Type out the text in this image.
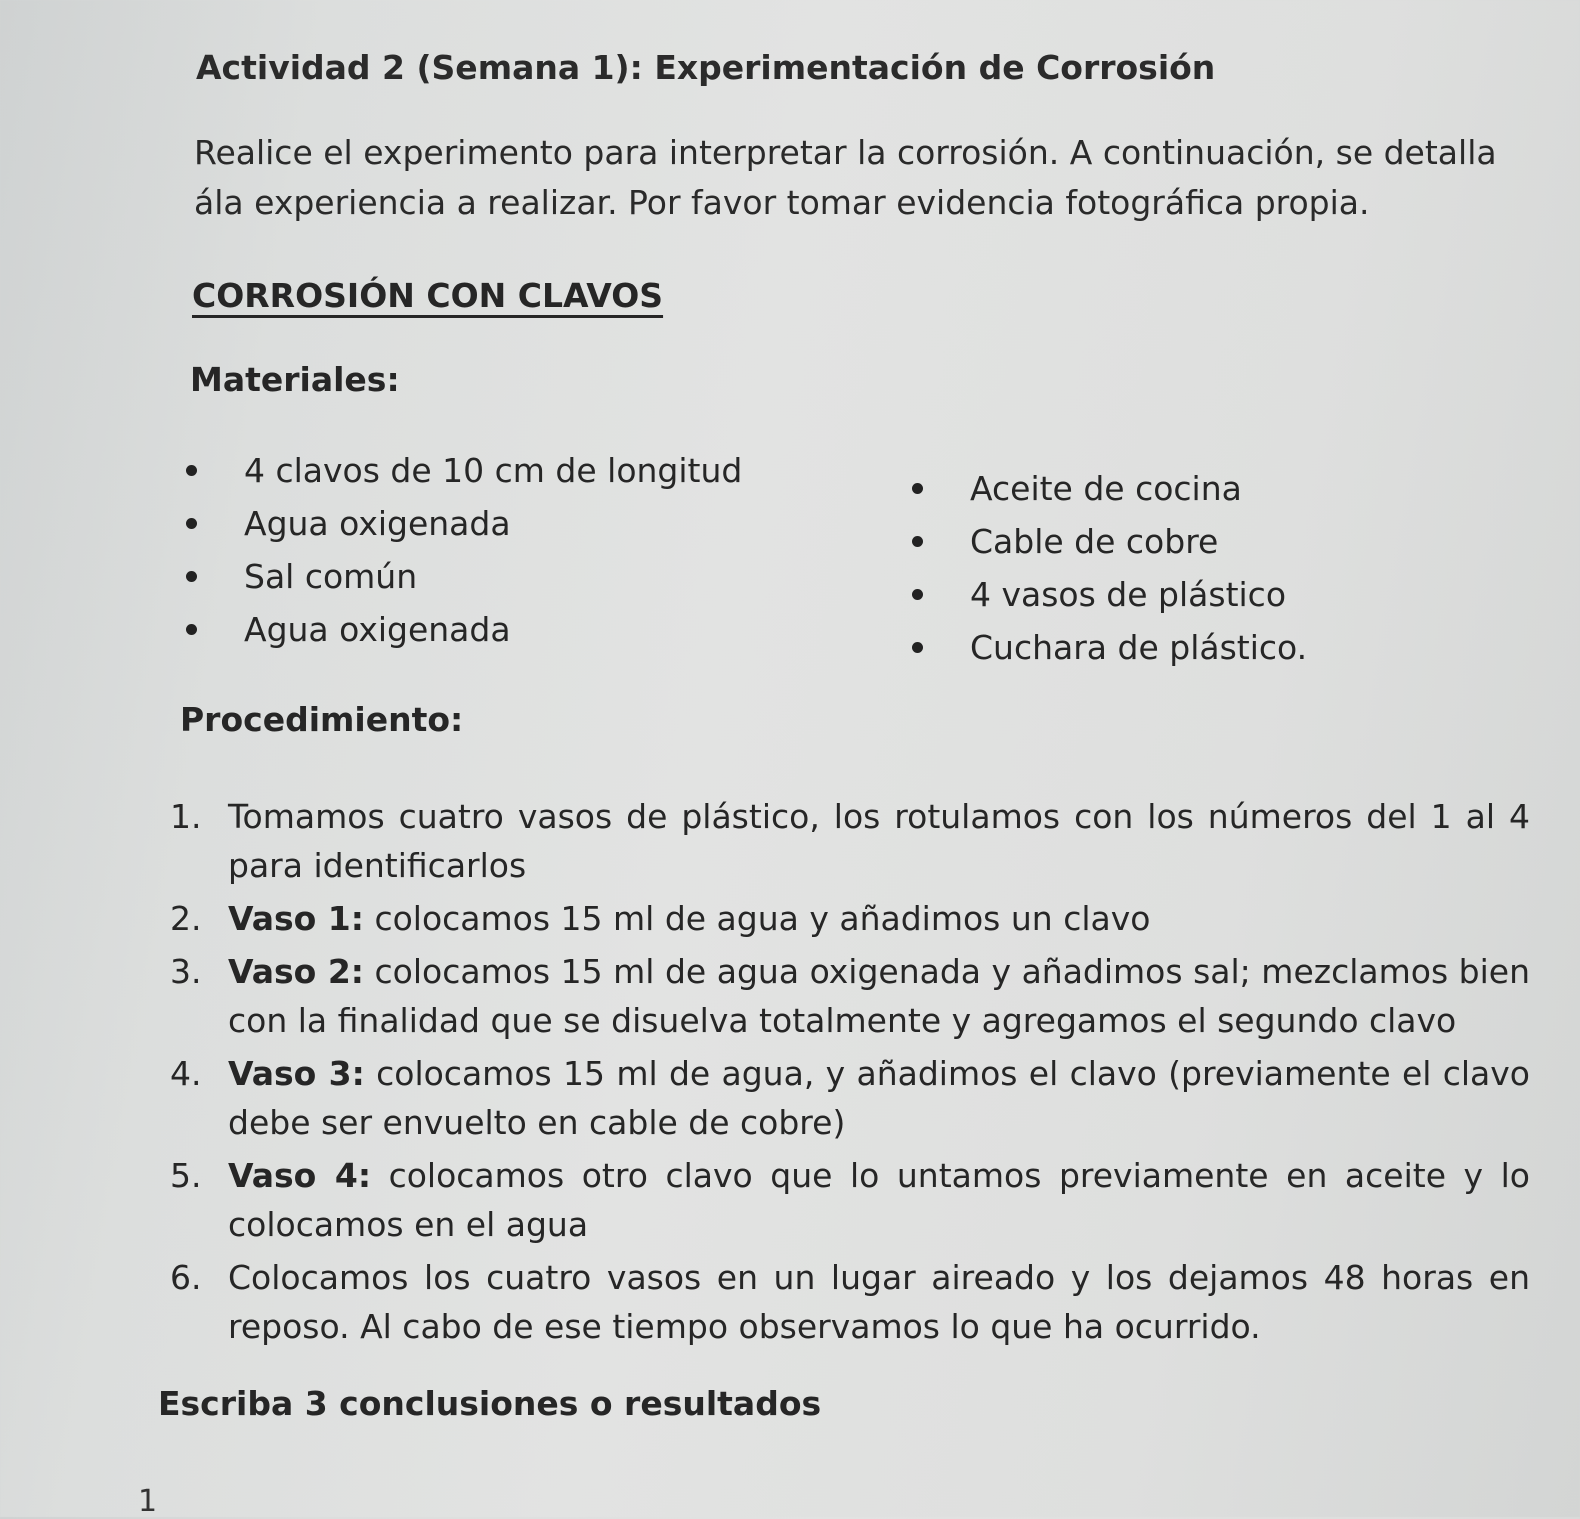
Actividad 2 (Semana 1): Experimentación de Corrosión
Realice el experimento para interpretar la corrosión. A continuación, se detalla
ála experiencia a realizar. Por favor tomar evidencia fotográfica propia.
CORROSIÓN CON CLAVOS
Materiales:
4 clavos de 10 cm de longitud
Agua oxigenada
Sal común
Agua oxigenada
Aceite de cocina
Cable de cobre
4 vasos de plástico
Cuchara de plástico.
Procedimiento:
1. Tomamos cuatro vasos de plástico, los rotulamos con los números del 1 al 4 para identificarlos
2. Vaso 1: colocamos 15 ml de agua y añadimos un clavo
3. Vaso 2: colocamos 15 ml de agua oxigenada y añadimos sal; mezclamos bien con la finalidad que se disuelva totalmente y agregamos el segundo clavo
4. Vaso 3: colocamos 15 ml de agua, y añadimos el clavo (previamente el clavo debe ser envuelto en cable de cobre)
5. Vaso 4: colocamos otro clavo que lo untamos previamente en aceite y lo colocamos en el agua
6. Colocamos los cuatro vasos en un lugar aireado y los dejamos 48 horas en reposo. Al cabo de ese tiempo observamos lo que ha ocurrido.
Escriba 3 conclusiones o resultados
1
